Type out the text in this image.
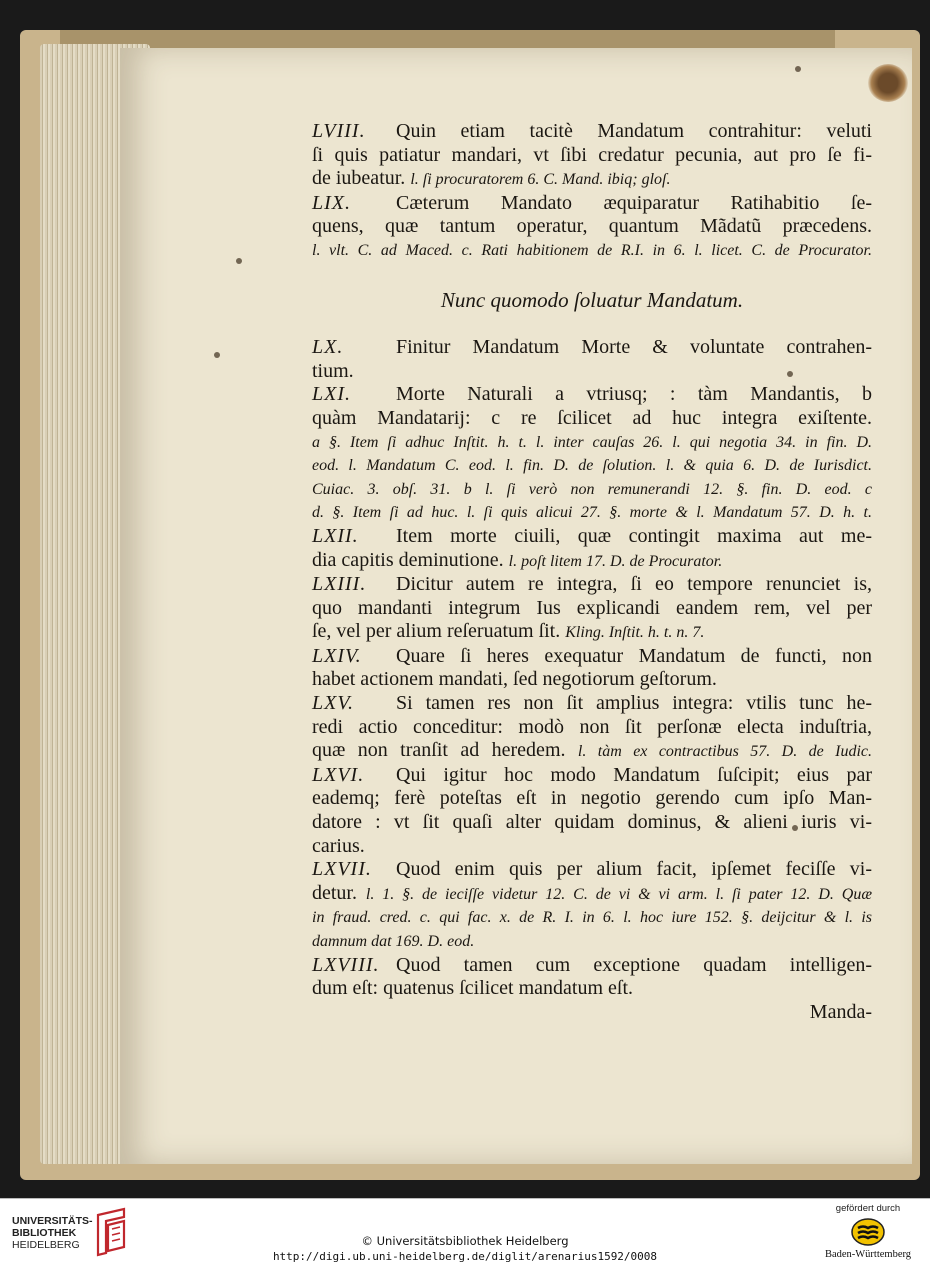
LVIII. Quin etiam tacitè Mandatum contrahitur: veluti
ſi quis patiatur mandari, vt ſibi credatur pecunia, aut pro ſe fi-
de iubeatur. l. ſi procuratorem 6. C. Mand. ibiq; gloſ.
LIX. Cæterum Mandato æquiparatur Ratihabitio ſe-
quens, quæ tantum operatur, quantum Mãdatũ præcedens.
l. vlt. C. ad Maced. c. Rati habitionem de R.I. in 6. l. licet. C. de Procurator.
Nunc quomodo ſoluatur Mandatum.
LX.	Finitur Mandatum Morte & voluntate contrahen-
tium.
LXI. Morte Naturali a vtriusq; : tàm Mandantis, b
quàm Mandatarij: c re ſcilicet ad huc integra exiſtente.
a §. Item ſi adhuc Inſtit. h. t. l. inter cauſas 26. l. qui negotia 34. in fin. D.
eod. l. Mandatum C. eod. l. fin. D. de ſolution. l. & quia 6. D. de Iurisdict.
Cuiac. 3. obſ. 31. b l. ſi verò non remunerandi 12. §. fin. D. eod. c
d. §. Item ſi ad huc. l. ſi quis alicui 27. §. morte & l. Mandatum 57. D. h. t.
LXII. Item morte ciuili, quæ contingit maxima aut me-
dia capitis deminutione. l. poſt litem 17. D. de Procurator.
LXIII. Dicitur autem re integra, ſi eo tempore renunciet is,
quo mandanti integrum Ius explicandi eandem rem, vel per
ſe, vel per alium reſeruatum ſit. Kling. Inſtit. h. t. n. 7.
LXIV. Quare ſi heres exequatur Mandatum de functi, non
habet actionem mandati, ſed negotiorum geſtorum.
LXV. Si tamen res non ſit amplius integra: vtilis tunc he-
redi actio conceditur: modò non ſit perſonæ electa induſtria,
quæ non tranſit ad heredem. l. tàm ex contractibus 57. D. de Iudic.
LXVI. Qui igitur hoc modo Mandatum ſuſcipit; eius par
eademq; ferè poteſtas eſt in negotio gerendo cum ipſo Man-
datore : vt ſit quaſi alter quidam dominus, & alieni iuris vi-
carius.
LXVII. Quod enim quis per alium facit, ipſemet feciſſe vi-
detur. l. 1. §. de ieciſſe videtur 12. C. de vi & vi arm. l. ſi pater 12. D. Quæ
in fraud. cred. c. qui fac. x. de R. I. in 6. l. hoc iure 152. §. deijcitur & l. is
damnum dat 169. D. eod.
LXVIII. Quod tamen cum exceptione quadam intelligen-
dum eſt: quatenus ſcilicet mandatum eſt.
Manda-
UNIVERSITÄTS-
BIBLIOTHEK
HEIDELBERG	© Universitätsbibliothek Heidelberg
http://digi.ub.uni-heidelberg.de/diglit/arenarius1592/0008
gefördert durch
Baden-Württemberg
